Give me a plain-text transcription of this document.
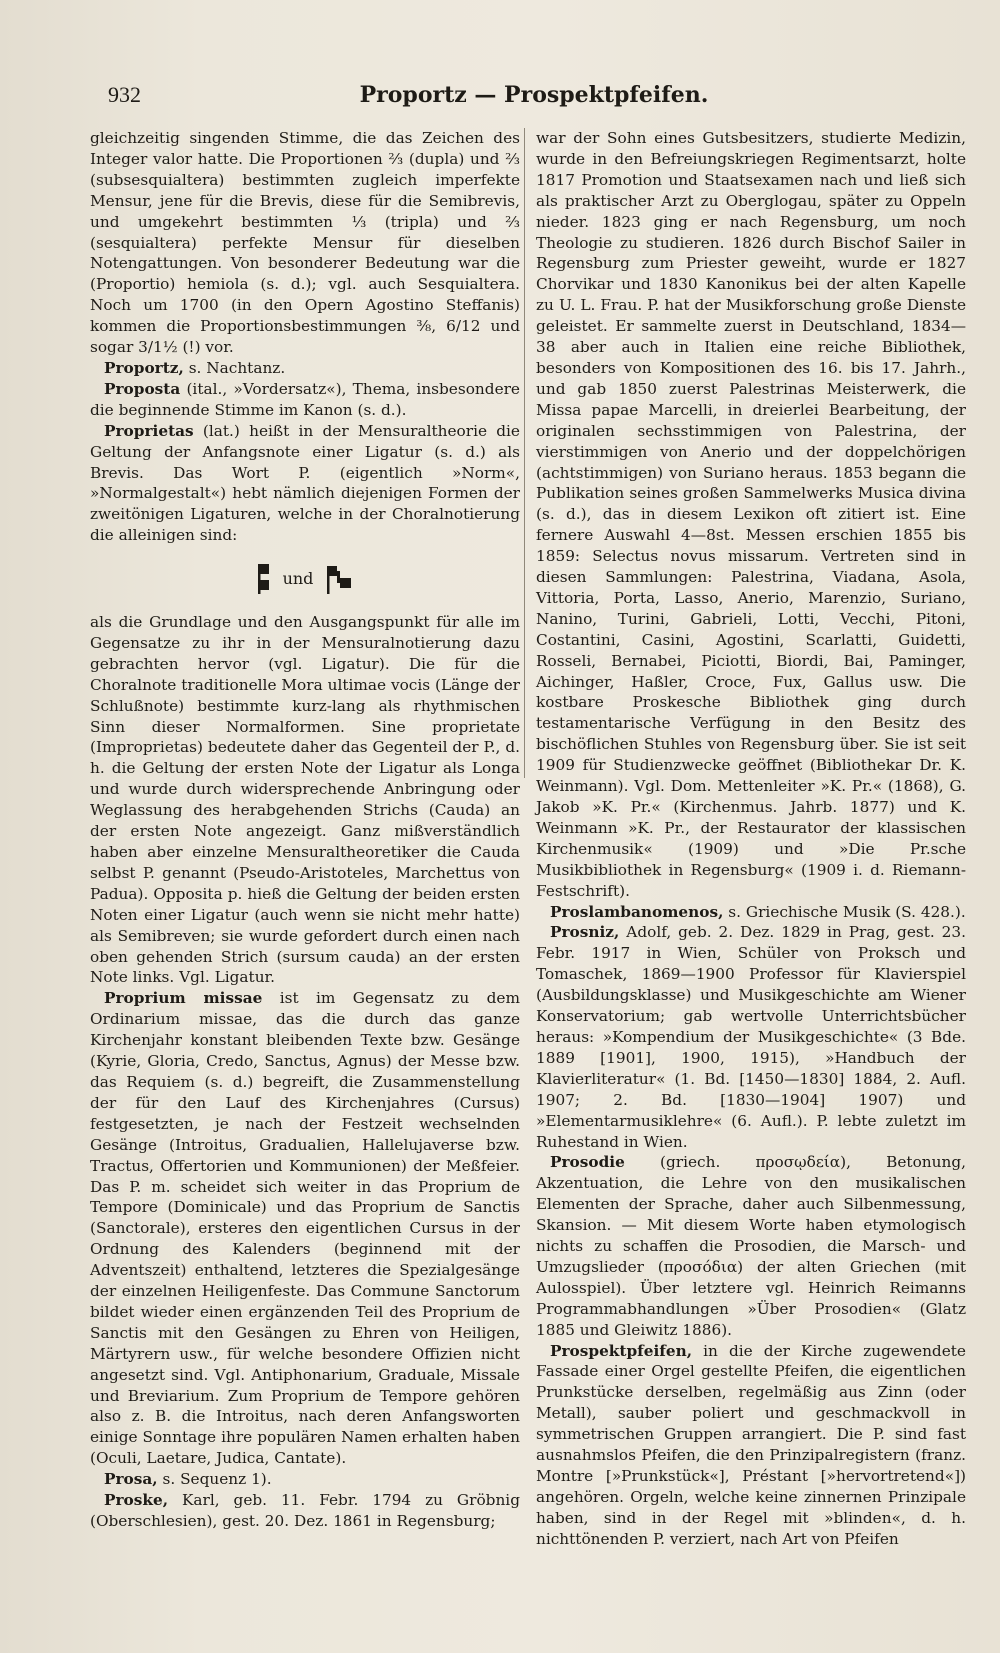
932	Proportz — Prospektpfeifen.

gleichzeitig singenden Stimme, die das Zeichen des Integer valor hatte. Die Proportionen ⅔ (dupla) und ⅔ (subsesquialtera) bestimmten zugleich imperfekte Mensur, jene für die Brevis, diese für die Semibrevis, und umgekehrt bestimmten ⅓ (tripla) und ⅔ (sesquialtera) perfekte Mensur für dieselben Notengattungen. Von besonderer Bedeutung war die (Proportio) hemiola (s. d.); vgl. auch Sesquialtera. Noch um 1700 (in den Opern Agostino Steffanis) kommen die Proportionsbestimmungen ⅜, 6/12 und sogar 3/1½ (!) vor.

Proportz, s. Nachtanz.

Proposta (ital., »Vordersatz«), Thema, insbesondere die beginnende Stimme im Kanon (s. d.).

Proprietas (lat.) heißt in der Mensuraltheorie die Geltung der Anfangsnote einer Ligatur (s. d.) als Brevis. Das Wort P. (eigentlich »Norm«, »Normalgestalt«) hebt nämlich diejenigen Formen der zweitönigen Ligaturen, welche in der Choralnotierung die alleinigen sind:

und

als die Grundlage und den Ausgangspunkt für alle im Gegensatze zu ihr in der Mensuralnotierung dazu gebrachten hervor (vgl. Ligatur). Die für die Choralnote traditionelle Mora ultimae vocis (Länge der Schlußnote) bestimmte kurz-lang als rhythmischen Sinn dieser Normalformen. Sine proprietate (Improprietas) bedeutete daher das Gegenteil der P., d. h. die Geltung der ersten Note der Ligatur als Longa und wurde durch widersprechende Anbringung oder Weglassung des herabgehenden Strichs (Cauda) an der ersten Note angezeigt. Ganz mißverständlich haben aber einzelne Mensuraltheoretiker die Cauda selbst P. genannt (Pseudo-Aristoteles, Marchettus von Padua). Opposita p. hieß die Geltung der beiden ersten Noten einer Ligatur (auch wenn sie nicht mehr hatte) als Semibreven; sie wurde gefordert durch einen nach oben gehenden Strich (sursum cauda) an der ersten Note links. Vgl. Ligatur.

Proprium missae ist im Gegensatz zu dem Ordinarium missae, das die durch das ganze Kirchenjahr konstant bleibenden Texte bzw. Gesänge (Kyrie, Gloria, Credo, Sanctus, Agnus) der Messe bzw. das Requiem (s. d.) begreift, die Zusammenstellung der für den Lauf des Kirchenjahres (Cursus) festgesetzten, je nach der Festzeit wechselnden Gesänge (Introitus, Gradualien, Hallelujaverse bzw. Tractus, Offertorien und Kommunionen) der Meßfeier. Das P. m. scheidet sich weiter in das Proprium de Tempore (Dominicale) und das Proprium de Sanctis (Sanctorale), ersteres den eigentlichen Cursus in der Ordnung des Kalenders (beginnend mit der Adventszeit) enthaltend, letzteres die Spezialgesänge der einzelnen Heiligenfeste. Das Commune Sanctorum bildet wieder einen ergänzenden Teil des Proprium de Sanctis mit den Gesängen zu Ehren von Heiligen, Märtyrern usw., für welche besondere Offizien nicht angesetzt sind. Vgl. Antiphonarium, Graduale, Missale und Breviarium. Zum Proprium de Tempore gehören also z. B. die Introitus, nach deren Anfangsworten einige Sonntage ihre populären Namen erhalten haben (Oculi, Laetare, Judica, Cantate).

Prosa, s. Sequenz 1).

Proske, Karl, geb. 11. Febr. 1794 zu Gröbnig (Oberschlesien), gest. 20. Dez. 1861 in Regensburg;

war der Sohn eines Gutsbesitzers, studierte Medizin, wurde in den Befreiungskriegen Regimentsarzt, holte 1817 Promotion und Staatsexamen nach und ließ sich als praktischer Arzt zu Oberglogau, später zu Oppeln nieder. 1823 ging er nach Regensburg, um noch Theologie zu studieren. 1826 durch Bischof Sailer in Regensburg zum Priester geweiht, wurde er 1827 Chorvikar und 1830 Kanonikus bei der alten Kapelle zu U. L. Frau. P. hat der Musikforschung große Dienste geleistet. Er sammelte zuerst in Deutschland, 1834—38 aber auch in Italien eine reiche Bibliothek, besonders von Kompositionen des 16. bis 17. Jahrh., und gab 1850 zuerst Palestrinas Meisterwerk, die Missa papae Marcelli, in dreierlei Bearbeitung, der originalen sechsstimmigen von Palestrina, der vierstimmigen von Anerio und der doppelchörigen (achtstimmigen) von Suriano heraus. 1853 begann die Publikation seines großen Sammelwerks Musica divina (s. d.), das in diesem Lexikon oft zitiert ist. Eine fernere Auswahl 4—8st. Messen erschien 1855 bis 1859: Selectus novus missarum. Vertreten sind in diesen Sammlungen: Palestrina, Viadana, Asola, Vittoria, Porta, Lasso, Anerio, Marenzio, Suriano, Nanino, Turini, Gabrieli, Lotti, Vecchi, Pitoni, Costantini, Casini, Agostini, Scarlatti, Guidetti, Rosseli, Bernabei, Piciotti, Biordi, Bai, Paminger, Aichinger, Haßler, Croce, Fux, Gallus usw. Die kostbare Proskesche Bibliothek ging durch testamentarische Verfügung in den Besitz des bischöflichen Stuhles von Regensburg über. Sie ist seit 1909 für Studienzwecke geöffnet (Bibliothekar Dr. K. Weinmann). Vgl. Dom. Mettenleiter »K. Pr.« (1868), G. Jakob »K. Pr.« (Kirchenmus. Jahrb. 1877) und K. Weinmann »K. Pr., der Restaurator der klassischen Kirchenmusik« (1909) und »Die Pr.sche Musikbibliothek in Regensburg« (1909 i. d. Riemann-Festschrift).

Proslambanomenos, s. Griechische Musik (S. 428.).

Prosniz, Adolf, geb. 2. Dez. 1829 in Prag, gest. 23. Febr. 1917 in Wien, Schüler von Proksch und Tomaschek, 1869—1900 Professor für Klavierspiel (Ausbildungsklasse) und Musikgeschichte am Wiener Konservatorium; gab wertvolle Unterrichtsbücher heraus: »Kompendium der Musikgeschichte« (3 Bde. 1889 [1901], 1900, 1915), »Handbuch der Klavierliteratur« (1. Bd. [1450—1830] 1884, 2. Aufl. 1907; 2. Bd. [1830—1904] 1907) und »Elementarmusiklehre« (6. Aufl.). P. lebte zuletzt im Ruhestand in Wien.

Prosodie (griech. προσῳδεία), Betonung, Akzentuation, die Lehre von den musikalischen Elementen der Sprache, daher auch Silbenmessung, Skansion. — Mit diesem Worte haben etymologisch nichts zu schaffen die Prosodien, die Marsch- und Umzugslieder (προσόδια) der alten Griechen (mit Aulosspiel). Über letztere vgl. Heinrich Reimanns Programmabhandlungen »Über Prosodien« (Glatz 1885 und Gleiwitz 1886).

Prospektpfeifen, in die der Kirche zugewendete Fassade einer Orgel gestellte Pfeifen, die eigentlichen Prunkstücke derselben, regelmäßig aus Zinn (oder Metall), sauber poliert und geschmackvoll in symmetrischen Gruppen arrangiert. Die P. sind fast ausnahmslos Pfeifen, die den Prinzipalregistern (franz. Montre [»Prunkstück«], Préstant [»hervortretend«]) angehören. Orgeln, welche keine zinnernen Prinzipale haben, sind in der Regel mit »blinden«, d. h. nichttönenden P. verziert, nach Art von Pfeifen
